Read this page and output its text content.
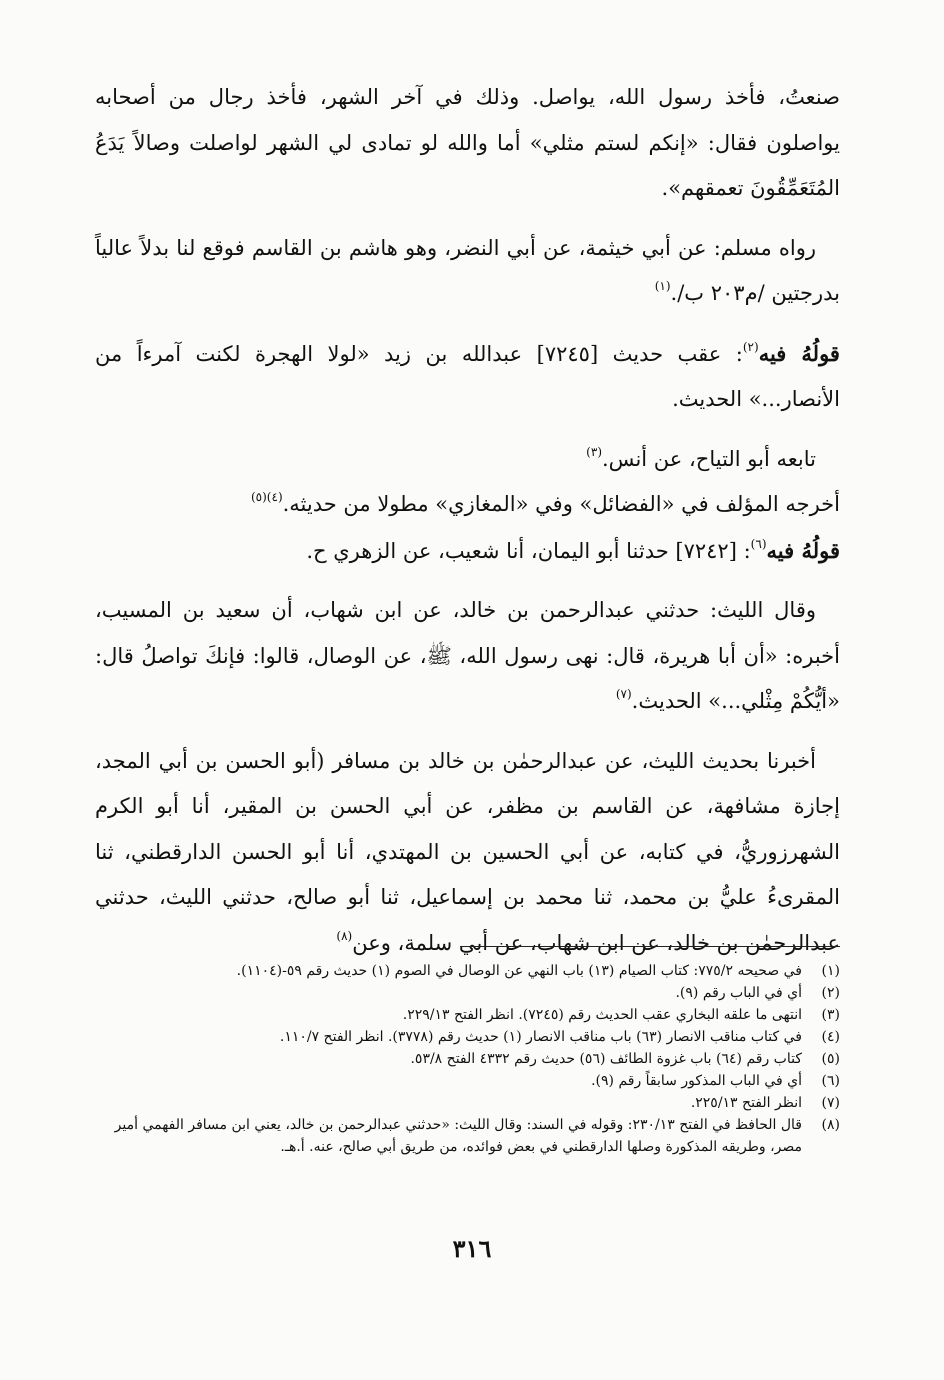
صنعتُ، فأخذ رسول الله، يواصل. وذلك في آخر الشهر، فأخذ رجال من أصحابه يواصلون فقال: «إنكم لستم مثلي» أما والله لو تمادى لي الشهر لواصلت وصالاً يَدَعُ المُتَعَمِّقُونَ تعمقهم».

رواه مسلم: عن أبي خيثمة، عن أبي النضر، وهو هاشم بن القاسم فوقع لنا بدلاً عالياً بدرجتين /م٢٠٣ ب/.$^{(١)}$

قولُهُ فيه$^{(٢)}$: عقب حديث [٧٢٤٥] عبدالله بن زيد «لولا الهجرة لكنت آمرءاً من الأنصار...» الحديث.

تابعه أبو التياح، عن أنس.$^{(٣)}$

أخرجه المؤلف في «الفضائل» وفي «المغازي» مطولا من حديثه.$^{(٤)(٥)}$

قولُهُ فيه$^{(٦)}$: [٧٢٤٢] حدثنا أبو اليمان، أنا شعيب، عن الزهري ح.

وقال الليث: حدثني عبدالرحمن بن خالد، عن ابن شهاب، أن سعيد بن المسيب، أخبره: «أن أبا هريرة، قال: نهى رسول الله، ﷺ، عن الوصال، قالوا: فإنكَ تواصلُ قال: «أيُّكُمْ مِثْلي...» الحديث.$^{(٧)}$

أخبرنا بحديث الليث، عن عبدالرحمٰن بن خالد بن مسافر (أبو الحسن بن أبي المجد، إجازة مشافهة، عن القاسم بن مظفر، عن أبي الحسن بن المقير، أنا أبو الكرم الشهرزوريُّ، في كتابه، عن أبي الحسين بن المهتدي، أنا أبو الحسن الدارقطني، ثنا المقرىءُ عليُّ بن محمد، ثنا محمد بن إسماعيل، ثنا أبو صالح، حدثني الليث، حدثني عبدالرحمٰن بن خالد، عن ابن شهاب، عن أبي سلمة، وعن$^{(٨)}$

(١)
في صحيحه ٧٧٥/٢: كتاب الصيام (١٣) باب النهي عن الوصال في الصوم (١) حديث رقم ٥٩-(١١٠٤).
(٢)
أي في الباب رقم (٩).
(٣)
انتهى ما علقه البخاري عقب الحديث رقم (٧٢٤٥). انظر الفتح ٢٢٩/١٣.
(٤)
في كتاب مناقب الانصار (٦٣) باب مناقب الانصار (١) حديث رقم (٣٧٧٨). انظر الفتح ١١٠/٧.
(٥)
كتاب رقم (٦٤) باب غزوة الطائف (٥٦) حديث رقم ٤٣٣٢ الفتح ٥٣/٨.
(٦)
أي في الباب المذكور سابقاً رقم (٩).
(٧)
انظر الفتح ٢٢٥/١٣.
(٨)
قال الحافظ في الفتح ٢٣٠/١٣: وقوله في السند: وقال الليث: «حدثني عبدالرحمن بن خالد، يعني ابن مسافر الفهمي أمير مصر، وطريقه المذكورة وصلها الدارقطني في بعض فوائده، من طريق أبي صالح، عنه. أ.هـ.
٣١٦
